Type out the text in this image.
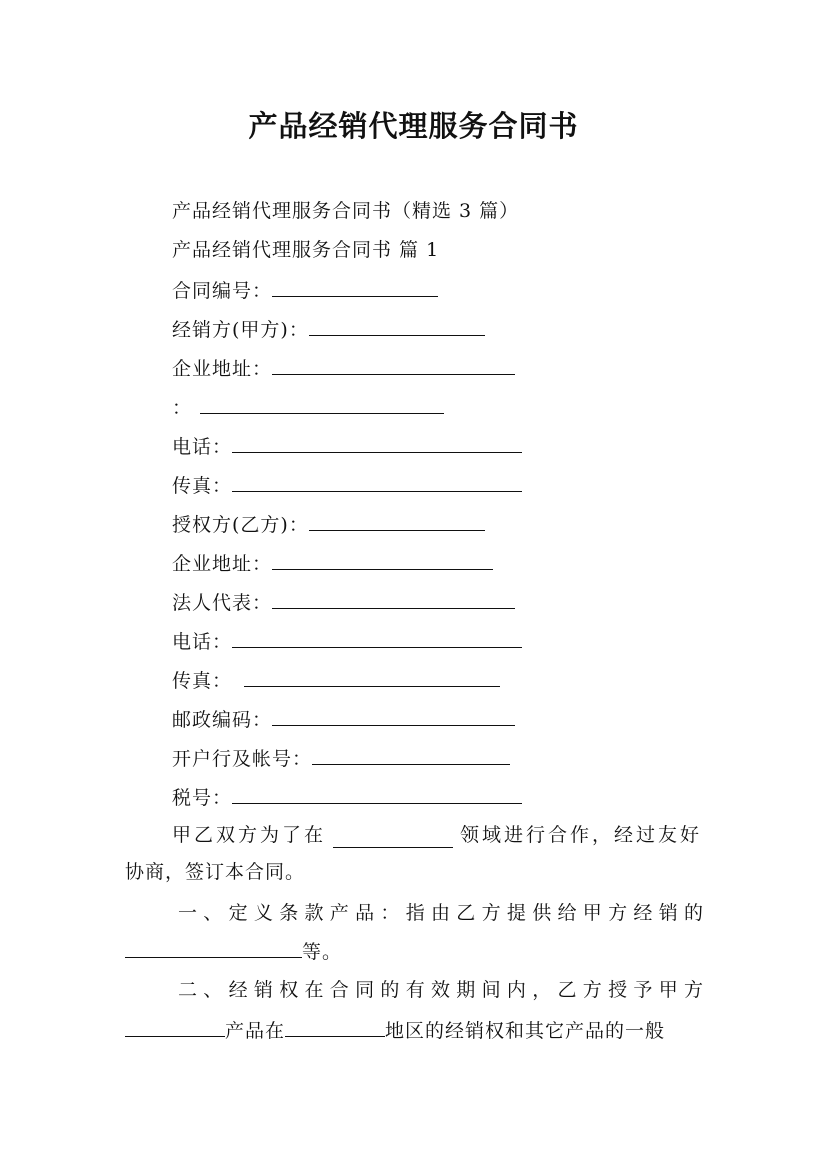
产品经销代理服务合同书
产品经销代理服务合同书（精选 3 篇）
产品经销代理服务合同书 篇 1
合同编号：
经销方(甲方)：
企业地址：
：
电话：
传真：
授权方(乙方)：
企业地址：
法人代表：
电话：
传真：
邮政编码：
开户行及帐号：
税号：
甲乙双方为了在	领域进行合作，经过友好
协商，签订本合同。
一、定义条款产品：指由乙方提供给甲方经销的
等。
二、经销权在合同的有效期间内，乙方授予甲方
产品在	地区的经销权和其它产品的一般
